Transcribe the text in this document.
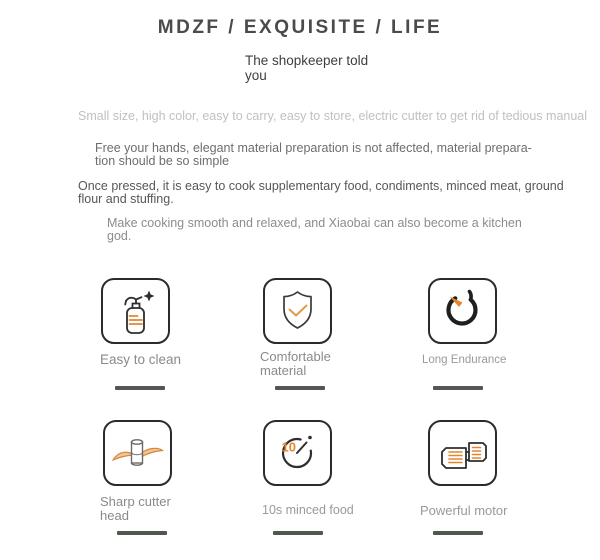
MDZF / EXQUISITE / LIFE
The shopkeeper told you
Small size, high color, easy to carry, easy to store, electric cutter to get rid of tedious manual
Free your hands, elegant material preparation is not affected, material prepara-
tion should be so simple
Once pressed, it is easy to cook supplementary food, condiments, minced meat, ground
flour and stuffing.
Make cooking smooth and relaxed, and Xiaobai can also become a kitchen
god.
Easy to clean	Comfortable
material
Long Endurance
Sharp cutter
head
10
10s minced food	Powerful motor
